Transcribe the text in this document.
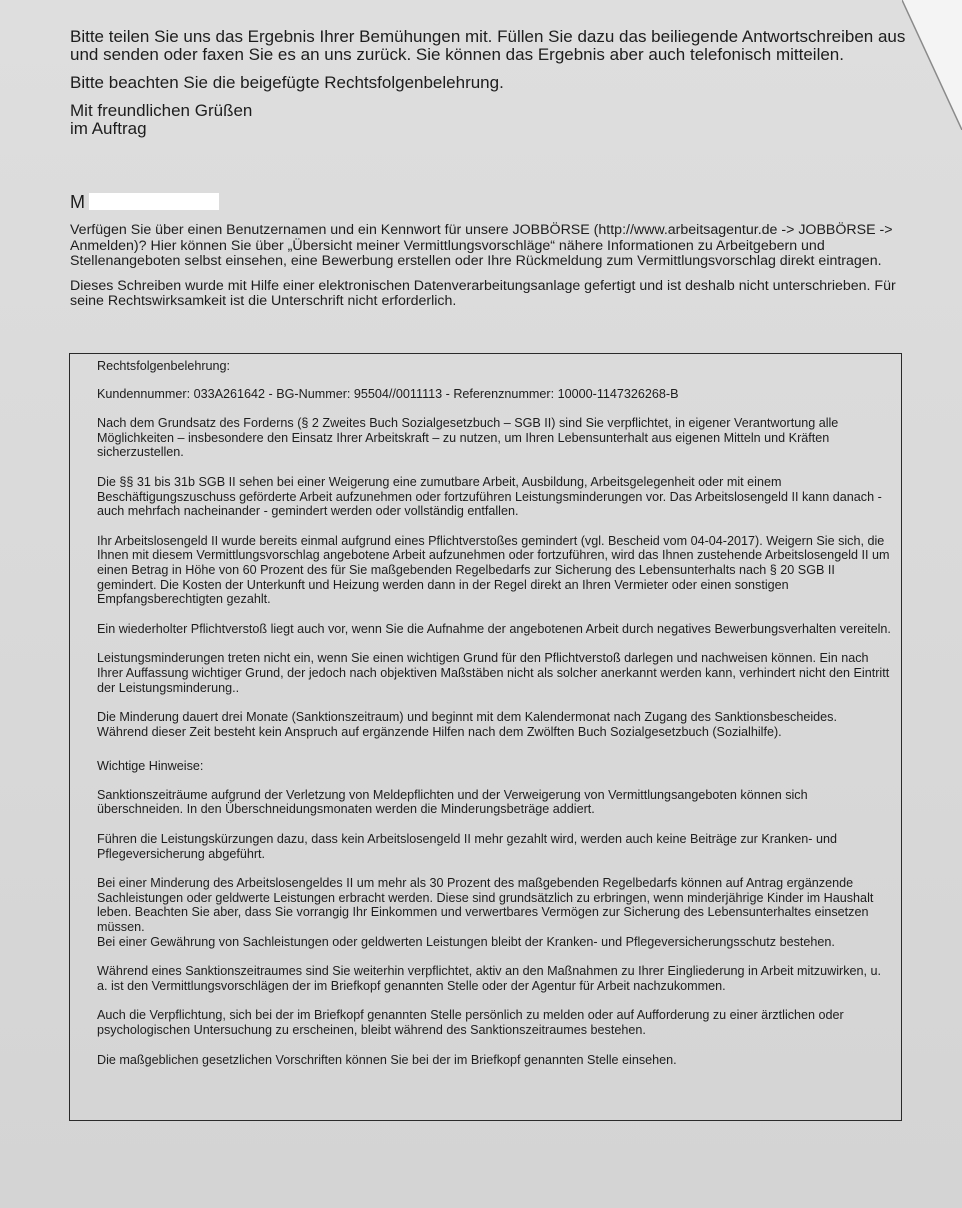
Bitte teilen Sie uns das Ergebnis Ihrer Bemühungen mit. Füllen Sie dazu das beiliegende Antwortschreiben aus und senden oder faxen Sie es an uns zurück. Sie können das Ergebnis aber auch telefonisch mitteilen.

Bitte beachten Sie die beigefügte Rechtsfolgenbelehrung.

Mit freundlichen Grüßen

im Auftrag

M

Verfügen Sie über einen Benutzernamen und ein Kennwort für unsere JOBBÖRSE (http://www.arbeitsagentur.de -> JOBBÖRSE -> Anmelden)? Hier können Sie über „Übersicht meiner Vermittlungsvorschläge“ nähere Informationen zu Arbeitgebern und Stellenangeboten selbst einsehen, eine Bewerbung erstellen oder Ihre Rückmeldung zum Vermittlungsvorschlag direkt eintragen.

Dieses Schreiben wurde mit Hilfe einer elektronischen Datenverarbeitungsanlage gefertigt und ist deshalb nicht unterschrieben. Für seine Rechtswirksamkeit ist die Unterschrift nicht erforderlich.

Rechtsfolgenbelehrung:

Kundennummer: 033A261642 - BG-Nummer: 95504//0011113 - Referenznummer: 10000-1147326268-B

Nach dem Grundsatz des Forderns (§ 2 Zweites Buch Sozialgesetzbuch – SGB II) sind Sie verpflichtet, in eigener Verantwortung alle Möglichkeiten – insbesondere den Einsatz Ihrer Arbeitskraft – zu nutzen, um Ihren Lebensunterhalt aus eigenen Mitteln und Kräften sicherzustellen.

Die §§ 31 bis 31b SGB II sehen bei einer Weigerung eine zumutbare Arbeit, Ausbildung, Arbeitsgelegenheit oder mit einem Beschäftigungszuschuss geförderte Arbeit aufzunehmen oder fortzuführen Leistungsminderungen vor. Das Arbeitslosengeld II kann danach - auch mehrfach nacheinander - gemindert werden oder vollständig entfallen.

Ihr Arbeitslosengeld II wurde bereits einmal aufgrund eines Pflichtverstoßes gemindert (vgl. Bescheid vom 04-04-2017). Weigern Sie sich, die Ihnen mit diesem Vermittlungsvorschlag angebotene Arbeit aufzunehmen oder fortzuführen, wird das Ihnen zustehende Arbeitslosengeld II um einen Betrag in Höhe von 60 Prozent des für Sie maßgebenden Regelbedarfs zur Sicherung des Lebensunterhalts nach § 20 SGB II gemindert. Die Kosten der Unterkunft und Heizung werden dann in der Regel direkt an Ihren Vermieter oder einen sonstigen Empfangsberechtigten gezahlt.

Ein wiederholter Pflichtverstoß liegt auch vor, wenn Sie die Aufnahme der angebotenen Arbeit durch negatives Bewerbungsverhalten vereiteln.

Leistungsminderungen treten nicht ein, wenn Sie einen wichtigen Grund für den Pflichtverstoß darlegen und nachweisen können. Ein nach Ihrer Auffassung wichtiger Grund, der jedoch nach objektiven Maßstäben nicht als solcher anerkannt werden kann, verhindert nicht den Eintritt der Leistungsminderung..

Die Minderung dauert drei Monate (Sanktionszeitraum) und beginnt mit dem Kalendermonat nach Zugang des Sanktionsbescheides. Während dieser Zeit besteht kein Anspruch auf ergänzende Hilfen nach dem Zwölften Buch Sozialgesetzbuch (Sozialhilfe).

Wichtige Hinweise:

Sanktionszeiträume aufgrund der Verletzung von Meldepflichten und der Verweigerung von Vermittlungsangeboten können sich überschneiden. In den Überschneidungsmonaten werden die Minderungsbeträge addiert.

Führen die Leistungskürzungen dazu, dass kein Arbeitslosengeld II mehr gezahlt wird, werden auch keine Beiträge zur Kranken- und Pflegeversicherung abgeführt.

Bei einer Minderung des Arbeitslosengeldes II um mehr als 30 Prozent des maßgebenden Regelbedarfs können auf Antrag ergänzende Sachleistungen oder geldwerte Leistungen erbracht werden. Diese sind grundsätzlich zu erbringen, wenn minderjährige Kinder im Haushalt leben. Beachten Sie aber, dass Sie vorrangig Ihr Einkommen und verwertbares Vermögen zur Sicherung des Lebensunterhaltes einsetzen müssen.

Bei einer Gewährung von Sachleistungen oder geldwerten Leistungen bleibt der Kranken- und Pflegeversicherungsschutz bestehen.

Während eines Sanktionszeitraumes sind Sie weiterhin verpflichtet, aktiv an den Maßnahmen zu Ihrer Eingliederung in Arbeit mitzuwirken, u. a. ist den Vermittlungsvorschlägen der im Briefkopf genannten Stelle oder der Agentur für Arbeit nachzukommen.

Auch die Verpflichtung, sich bei der im Briefkopf genannten Stelle persönlich zu melden oder auf Aufforderung zu einer ärztlichen oder psychologischen Untersuchung zu erscheinen, bleibt während des Sanktionszeitraumes bestehen.

Die maßgeblichen gesetzlichen Vorschriften können Sie bei der im Briefkopf genannten Stelle einsehen.
